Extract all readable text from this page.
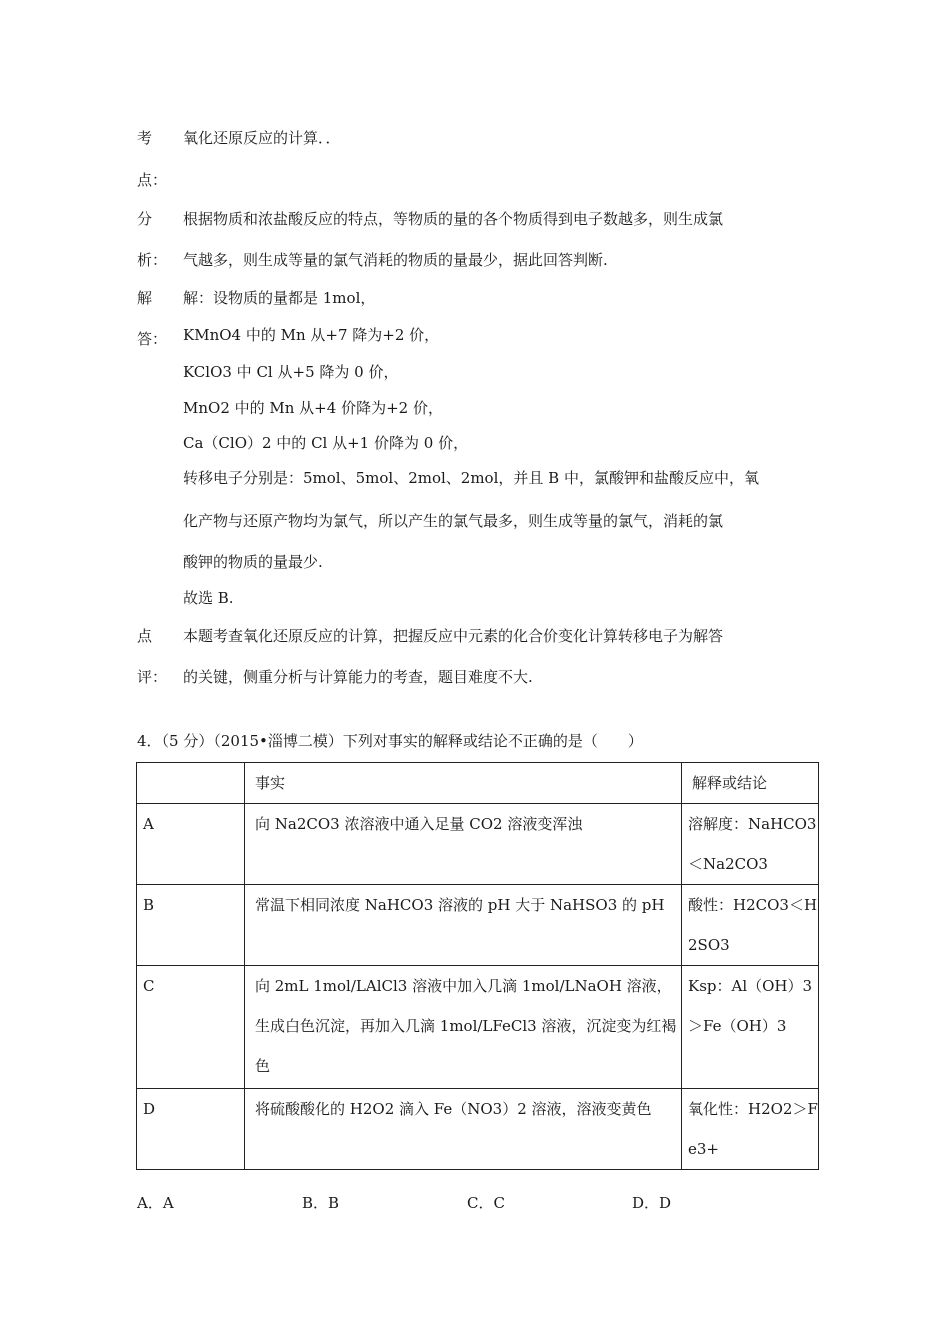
考
点：
氧化还原反应的计算．．
分
析：
根据物质和浓盐酸反应的特点，等物质的量的各个物质得到电子数越多，则生成氯
气越多，则生成等量的氯气消耗的物质的量最少，据此回答判断.
解
答：
解：设物质的量都是 1mol，
KMnO4 中的 Mn 从+7 降为+2 价，
KClO3 中 Cl 从+5 降为 0 价，
MnO2 中的 Mn 从+4 价降为+2 价，
Ca（ClO）2 中的 Cl 从+1 价降为 0 价，
转移电子分别是：5mol、5mol、2mol、2mol，并且 B 中，氯酸钾和盐酸反应中，氧
化产物与还原产物均为氯气，所以产生的氯气最多，则生成等量的氯气，消耗的氯
酸钾的物质的量最少.
故选 B.
点
评：
本题考查氧化还原反应的计算，把握反应中元素的化合价变化计算转移电子为解答
的关键，侧重分析与计算能力的考查，题目难度不大.
4．（5 分）（2015•淄博二模）下列对事实的解释或结论不正确的是（　　）

	事实	解释或结论

A	向 Na2CO3 浓溶液中通入足量 CO2 溶液变浑浊	溶解度：NaHCO3＜Na2CO3

B	常温下相同浓度 NaHCO3 溶液的 pH 大于 NaHSO3 的 pH	酸性：H2CO3＜H2SO3

C	向 2mL 1mol/LAlCl3 溶液中加入几滴 1mol/LNaOH 溶液，生成白色沉淀，再加入几滴 1mol/LFeCl3 溶液，沉淀变为红褐色	Ksp：Al（OH）3＞Fe（OH）3

D	将硫酸酸化的 H2O2 滴入 Fe（NO3）2 溶液，溶液变黄色	氧化性：H2O2＞Fe3+
A．A	B．B	C．C	D．D
